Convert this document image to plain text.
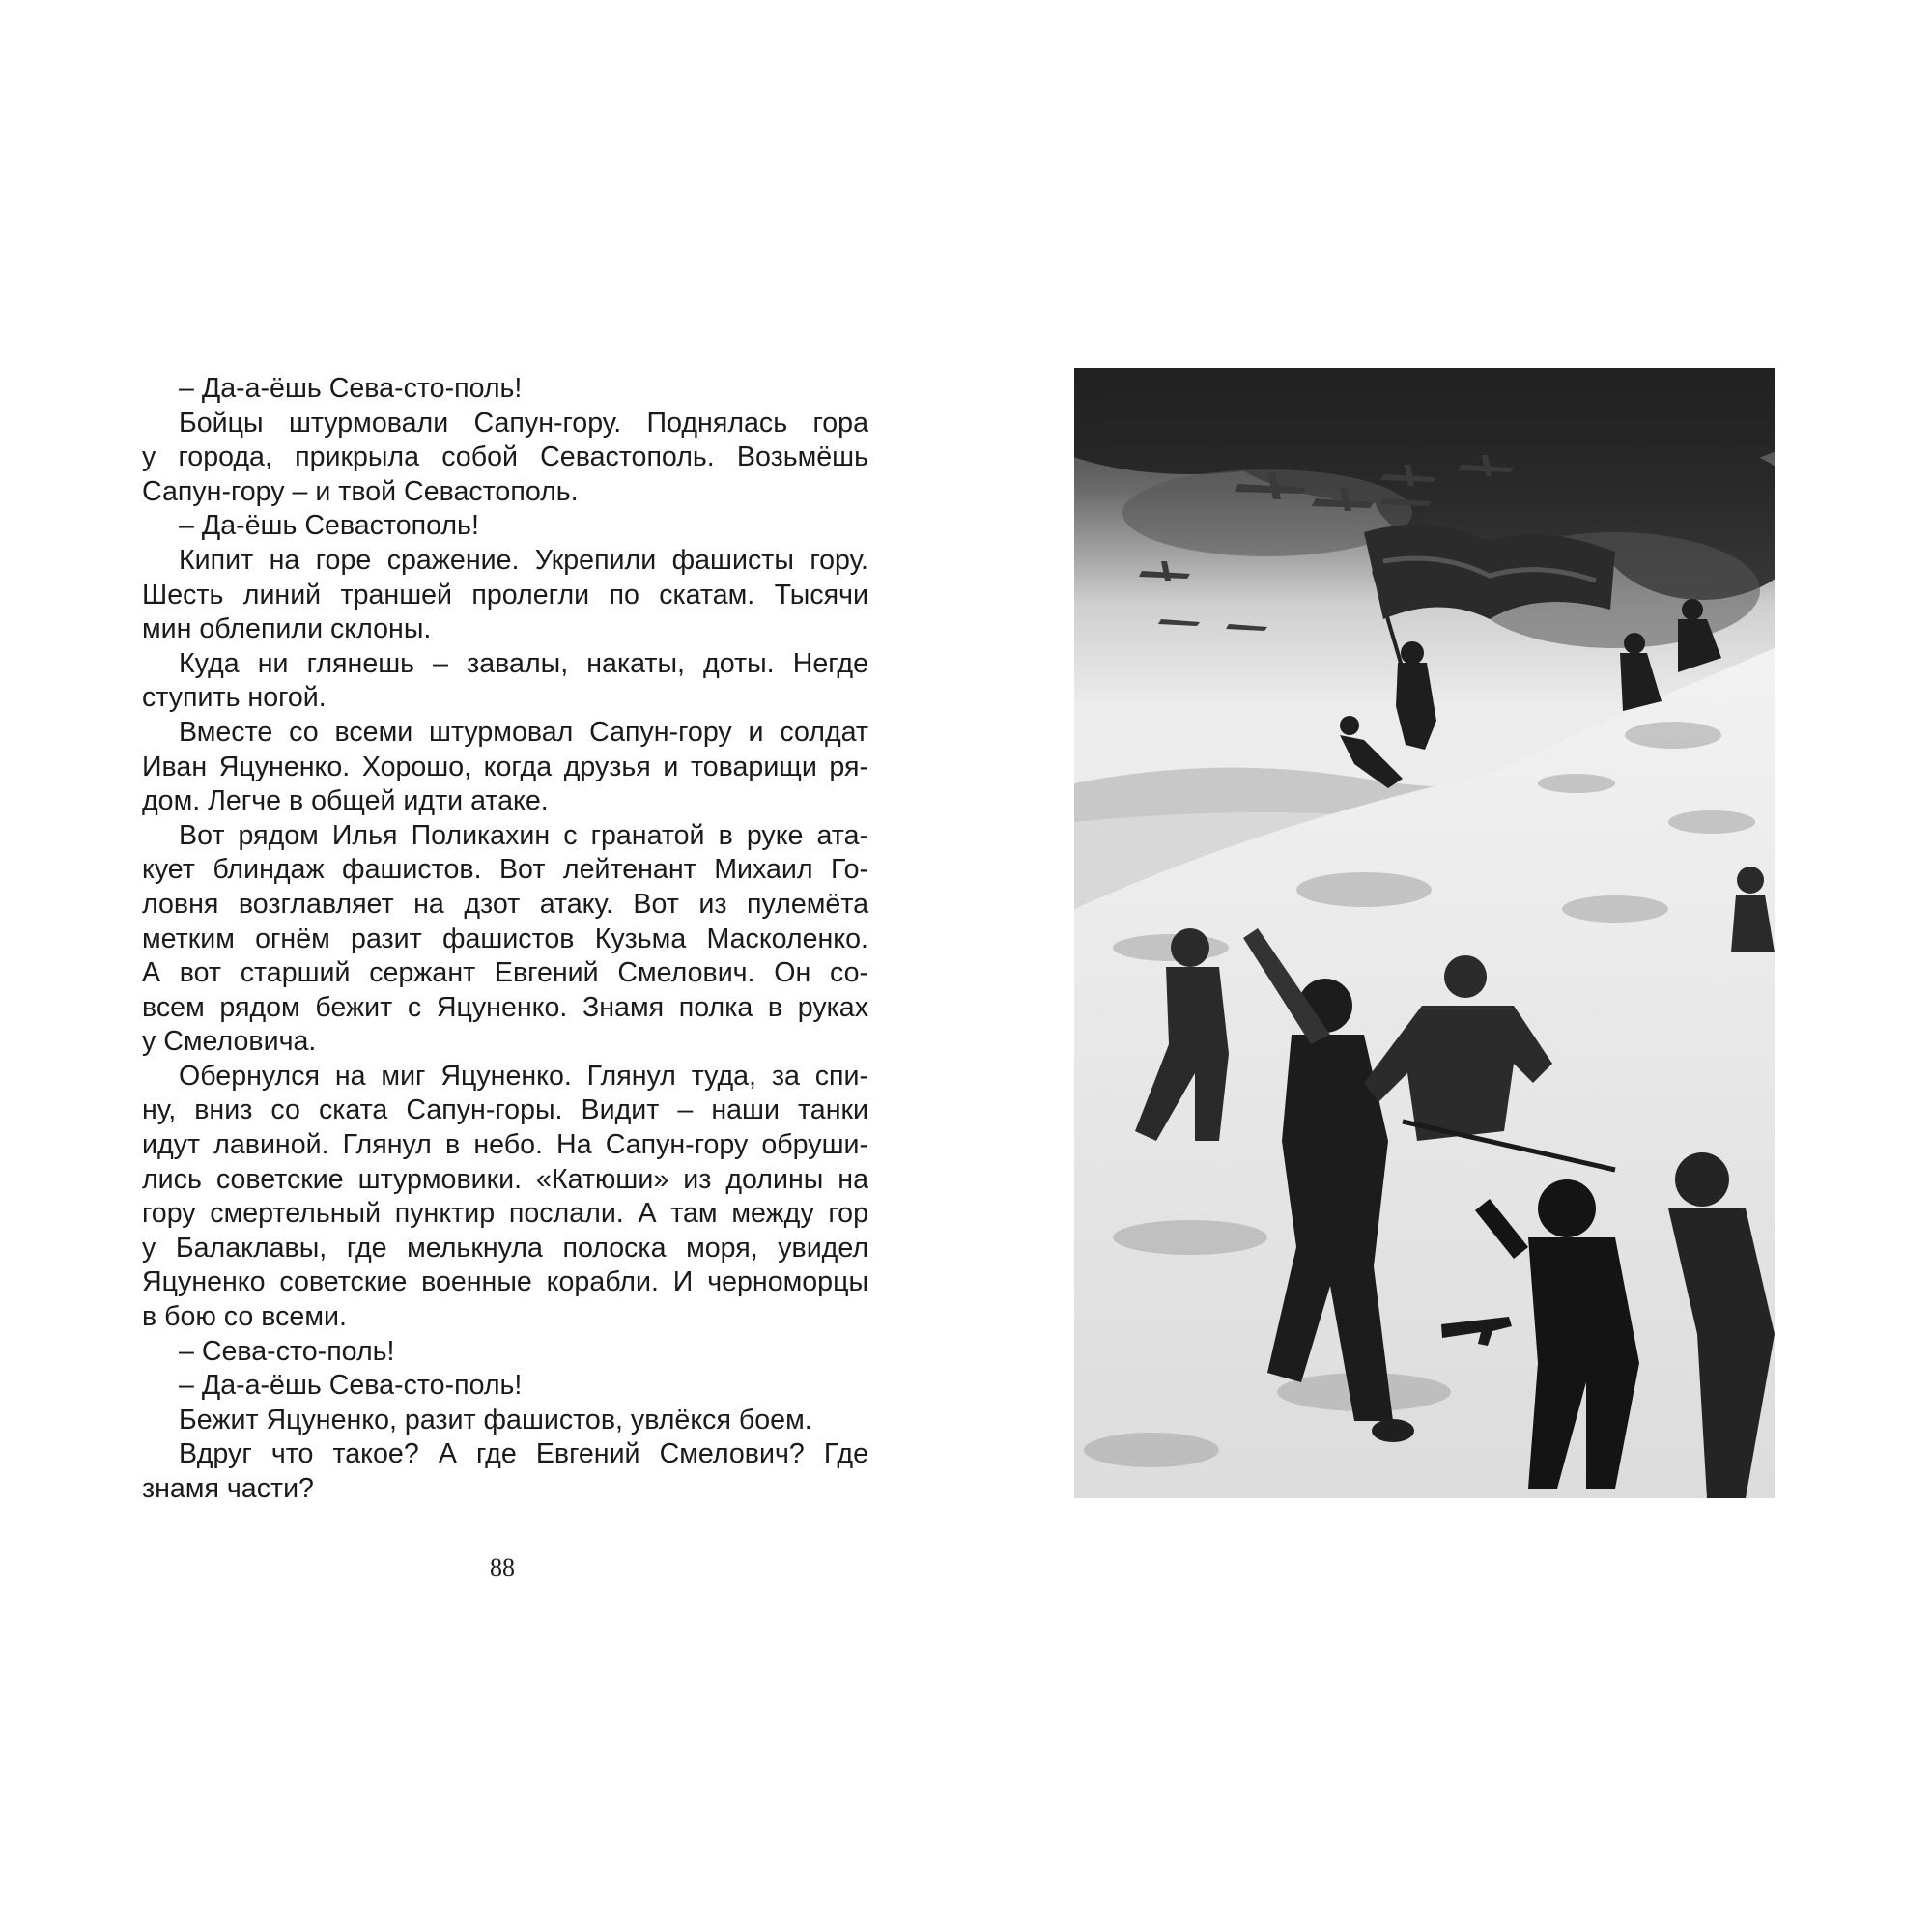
– Да-а-ёшь Сева-сто-поль!
Бойцы штурмовали Сапун-гору. Поднялась гора
у города, прикрыла собой Севастополь. Возьмёшь
Сапун-гору – и твой Севастополь.
– Да-ёшь Севастополь!
Кипит на горе сражение. Укрепили фашисты гору.
Шесть линий траншей пролегли по скатам. Тысячи
мин облепили склоны.
Куда ни глянешь – завалы, накаты, доты. Негде
ступить ногой.
Вместе со всеми штурмовал Сапун-гору и солдат
Иван Яцуненко. Хорошо, когда друзья и товарищи ря-
дом. Легче в общей идти атаке.
Вот рядом Илья Поликахин с гранатой в руке ата-
кует блиндаж фашистов. Вот лейтенант Михаил Го-
ловня возглавляет на дзот атаку. Вот из пулемёта
метким огнём разит фашистов Кузьма Масколенко.
А вот старший сержант Евгений Смелович. Он со-
всем рядом бежит с Яцуненко. Знамя полка в руках
у Смеловича.
Обернулся на миг Яцуненко. Глянул туда, за спи-
ну, вниз со ската Сапун-горы. Видит – наши танки
идут лавиной. Глянул в небо. На Сапун-гору обруши-
лись советские штурмовики. «Катюши» из долины на
гору смертельный пунктир послали. А там между гор
у Балаклавы, где мелькнула полоска моря, увидел
Яцуненко советские военные корабли. И черноморцы
в бою со всеми.
– Сева-сто-поль!
– Да-а-ёшь Сева-сто-поль!
Бежит Яцуненко, разит фашистов, увлёкся боем.
Вдруг что такое? А где Евгений Смелович? Где
знамя части?
88
